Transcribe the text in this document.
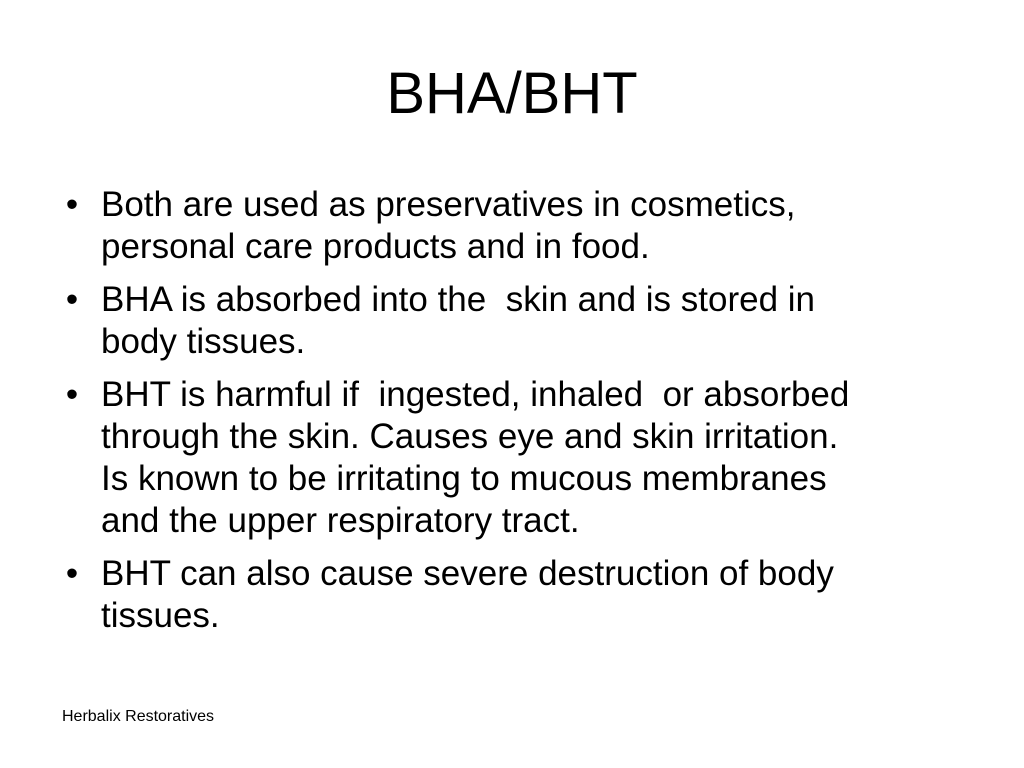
BHA/BHT
• Both are used as preservatives in cosmetics,
personal care products and in food.
• BHA is absorbed into the  skin and is stored in
body tissues.
• BHT is harmful if  ingested, inhaled  or absorbed
through the skin. Causes eye and skin irritation.
Is known to be irritating to mucous membranes
and the upper respiratory tract.
• BHT can also cause severe destruction of body
tissues.
Herbalix Restoratives
